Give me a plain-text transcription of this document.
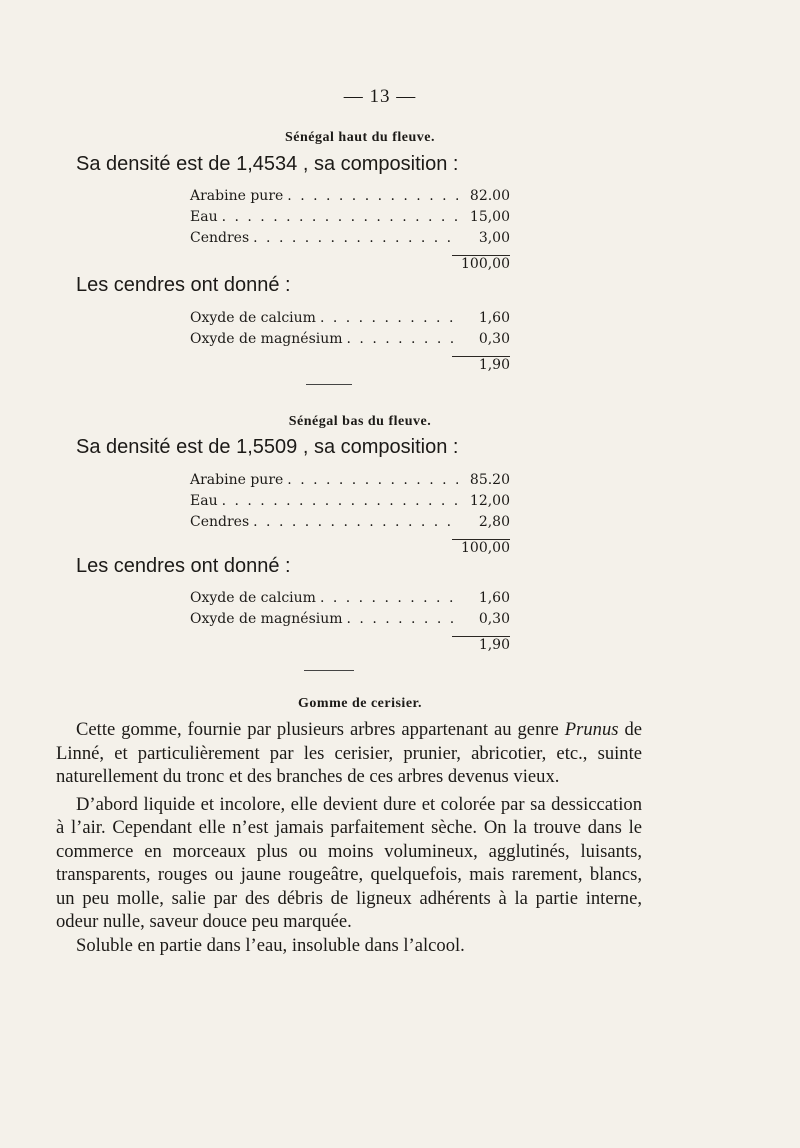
— 13 —
Sénégal haut du fleuve.
Sa densité est de 1,4534 , sa composition :
Arabine pure . . .	82.00
Eau . . .	15,00
Cendres . . .	3,00
100,00
Les cendres ont donné :
Oxyde de calcium . . .	1,60
Oxyde de magnésium . . .	0,30
1,90
Sénégal bas du fleuve.
Sa densité est de 1,5509 , sa composition :
Arabine pure . . .	85.20
Eau . . .	12,00
Cendres . . .	2,80
100,00
Les cendres ont donné :
Oxyde de calcium . . .	1,60
Oxyde de magnésium . . .	0,30
1,90
Gomme de cerisier.

Cette gomme, fournie par plusieurs arbres appartenant au genre Prunus de Linné, et particulièrement par les cerisier, prunier, abricotier, etc., suinte naturellement du tronc et des branches de ces arbres devenus vieux.

D’abord liquide et incolore, elle devient dure et colorée par sa dessiccation à l’air. Cependant elle n’est jamais parfaitement sèche. On la trouve dans le commerce en morceaux plus ou moins volumineux, agglutinés, luisants, transparents, rouges ou jaune rougeâtre, quelquefois, mais rarement, blancs, un peu molle, salie par des débris de ligneux adhérents à la partie interne, odeur nulle, saveur douce peu marquée.

Soluble en partie dans l’eau, insoluble dans l’alcool.
